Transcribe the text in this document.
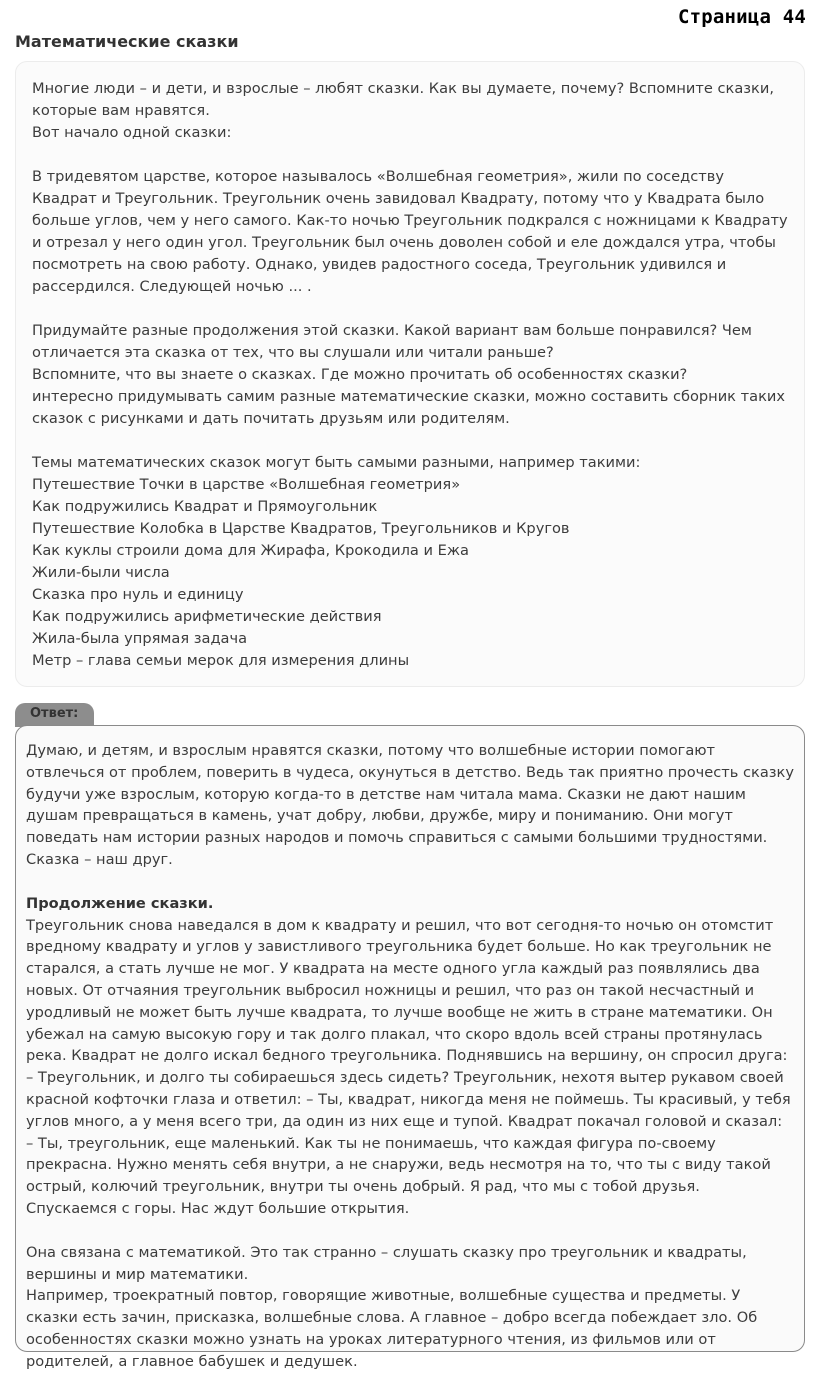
Страница 44
Математические сказки

Многие люди – и дети, и взрослые – любят сказки. Как вы думаете, почему? Вспомните сказки, которые вам нравятся.

Вот начало одной сказки:

В тридевятом царстве, которое называлось «Волшебная геометрия», жили по соседству Квадрат и Треугольник. Треугольник очень завидовал Квадрату, потому что у Квадрата было больше углов, чем у него самого. Как-то ночью Треугольник подкрался с ножницами к Квадрату и отрезал у него один угол. Треугольник был очень доволен собой и еле дождался утра, чтобы посмотреть на свою работу. Однако, увидев радостного соседа, Треугольник удивился и рассердился. Следующей ночью ... .

Придумайте разные продолжения этой сказки. Какой вариант вам больше понравился? Чем отличается эта сказка от тех, что вы слушали или читали раньше?

Вспомните, что вы знаете о сказках. Где можно прочитать об особенностях сказки?

интересно придумывать самим разные математические сказки, можно составить сборник таких сказок с рисунками и дать почитать друзьям или родителям.

Темы математических сказок могут быть самыми разными, например такими:

Путешествие Точки в царстве «Волшебная геометрия»

Как подружились Квадрат и Прямоугольник

Путешествие Колобка в Царстве Квадратов, Треугольников и Кругов

Как куклы строили дома для Жирафа, Крокодила и Ежа

Жили-были числа

Сказка про нуль и единицу

Как подружились арифметические действия

Жила-была упрямая задача

Метр – глава семьи мерок для измерения длины

Ответ:

Думаю, и детям, и взрослым нравятся сказки, потому что волшебные истории помогают отвлечься от проблем, поверить в чудеса, окунуться в детство. Ведь так приятно прочесть сказку будучи уже взрослым, которую когда-то в детстве нам читала мама. Сказки не дают нашим душам превращаться в камень, учат добру, любви, дружбе, миру и пониманию. Они могут поведать нам истории разных народов и помочь справиться с самыми большими трудностями. Сказка – наш друг.

Продолжение сказки.

Треугольник снова наведался в дом к квадрату и решил, что вот сегодня-то ночью он отомстит вредному квадрату и углов у завистливого треугольника будет больше. Но как треугольник не старался, а стать лучше не мог. У квадрата на месте одного угла каждый раз появлялись два новых. От отчаяния треугольник выбросил ножницы и решил, что раз он такой несчастный и уродливый не может быть лучше квадрата, то лучше вообще не жить в стране математики. Он убежал на самую высокую гору и так долго плакал, что скоро вдоль всей страны протянулась река. Квадрат не долго искал бедного треугольника. Поднявшись на вершину, он спросил друга: – Треугольник, и долго ты собираешься здесь сидеть? Треугольник, нехотя вытер рукавом своей красной кофточки глаза и ответил: – Ты, квадрат, никогда меня не поймешь. Ты красивый, у тебя углов много, а у меня всего три, да один из них еще и тупой. Квадрат покачал головой и сказал: – Ты, треугольник, еще маленький. Как ты не понимаешь, что каждая фигура по-своему прекрасна. Нужно менять себя внутри, а не снаружи, ведь несмотря на то, что ты с виду такой острый, колючий треугольник, внутри ты очень добрый. Я рад, что мы с тобой друзья. Спускаемся с горы. Нас ждут большие открытия.

Она связана с математикой. Это так странно – слушать сказку про треугольник и квадраты, вершины и мир математики.

Например, троекратный повтор, говорящие животные, волшебные существа и предметы. У сказки есть зачин, присказка, волшебные слова. А главное – добро всегда побеждает зло. Об особенностях сказки можно узнать на уроках литературного чтения, из фильмов или от родителей, а главное бабушек и дедушек.
